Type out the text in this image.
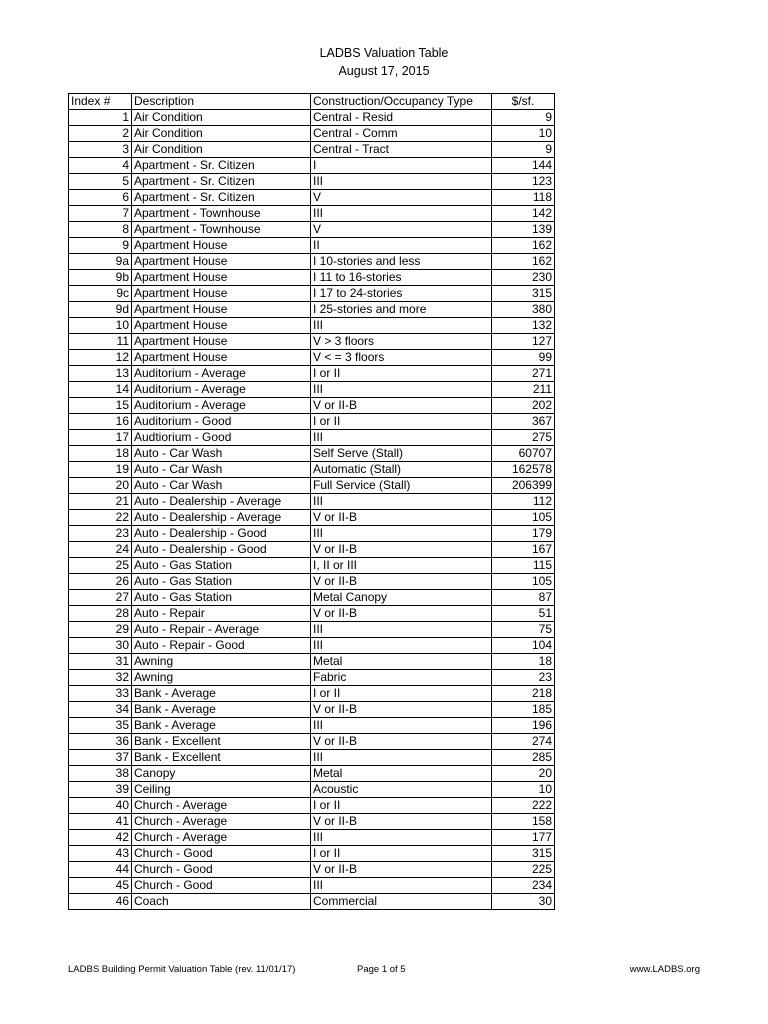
LADBS Valuation Table
August 17, 2015
Index #	Description	Construction/Occupancy Type	$/sf.
1	Air Condition	Central - Resid	9
2	Air Condition	Central - Comm	10
3	Air Condition	Central - Tract	9
4	Apartment - Sr. Citizen	I	144
5	Apartment - Sr. Citizen	III	123
6	Apartment - Sr. Citizen	V	118
7	Apartment - Townhouse	III	142
8	Apartment - Townhouse	V	139
9	Apartment House	II	162
9a	Apartment House	I 10-stories and less	162
9b	Apartment House	I 11 to 16-stories	230
9c	Apartment House	I 17 to 24-stories	315
9d	Apartment House	I 25-stories and more	380
10	Apartment House	III	132
11	Apartment House	V > 3 floors	127
12	Apartment House	V < = 3 floors	99
13	Auditorium - Average	I or II	271
14	Auditorium - Average	III	211
15	Auditorium - Average	V or II-B	202
16	Auditorium - Good	I or II	367
17	Audtiorium - Good	III	275
18	Auto - Car Wash	Self Serve (Stall)	60707
19	Auto - Car Wash	Automatic (Stall)	162578
20	Auto - Car Wash	Full Service (Stall)	206399
21	Auto - Dealership - Average	III	112
22	Auto - Dealership - Average	V or II-B	105
23	Auto - Dealership - Good	III	179
24	Auto - Dealership - Good	V or II-B	167
25	Auto - Gas Station	I, II or III	115
26	Auto - Gas Station	V or II-B	105
27	Auto - Gas Station	Metal Canopy	87
28	Auto - Repair	V or II-B	51
29	Auto - Repair - Average	III	75
30	Auto - Repair - Good	III	104
31	Awning	Metal	18
32	Awning	Fabric	23
33	Bank - Average	I or II	218
34	Bank - Average	V or II-B	185
35	Bank - Average	III	196
36	Bank - Excellent	V or II-B	274
37	Bank - Excellent	III	285
38	Canopy	Metal	20
39	Ceiling	Acoustic	10
40	Church - Average	I or II	222
41	Church - Average	V or II-B	158
42	Church - Average	III	177
43	Church - Good	I or II	315
44	Church - Good	V or II-B	225
45	Church - Good	III	234
46	Coach	Commercial	30
LADBS Building Permit Valuation Table (rev. 11/01/17)	Page 1 of 5	www.LADBS.org
